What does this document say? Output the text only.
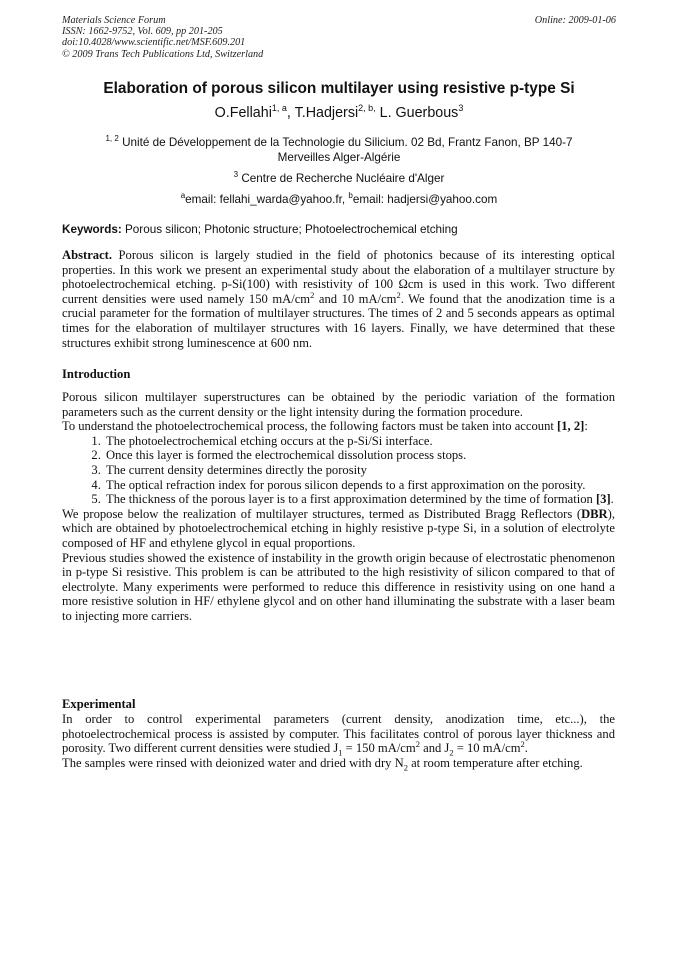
Materials Science Forum
ISSN: 1662-9752, Vol. 609, pp 201-205
doi:10.4028/www.scientific.net/MSF.609.201
© 2009 Trans Tech Publications Ltd, Switzerland
Online: 2009-01-06
Elaboration of porous silicon multilayer using resistive p-type Si
O.Fellahi$^{1, a}$, T.Hadjersi$^{2, b,}$ L. Guerbous$^3$
$^{1, 2}$ Unité de Développement de la Technologie du Silicium. 02 Bd, Frantz Fanon, BP 140-7 Merveilles Alger-Algérie
$^3$ Centre de Recherche Nucléaire d'Alger
$^a$email: fellahi_warda@yahoo.fr, $^b$email: hadjersi@yahoo.com
Keywords: Porous silicon; Photonic structure; Photoelectrochemical etching

Abstract. Porous silicon is largely studied in the field of photonics because of its interesting optical properties. In this work we present an experimental study about the elaboration of a multilayer structure by photoelectrochemical etching. p-Si(100) with resistivity of 100 Ωcm is used in this work. Two different current densities were used namely 150 $mA/cm^2$ and 10 $mA/cm^2$. We found that the anodization time is a crucial parameter for the formation of multilayer structures. The times of 2 and 5 seconds appears as optimal times for the elaboration of multilayer structures with 16 layers. Finally, we have determined that these structures exhibit strong luminescence at 600 nm.

Introduction

Porous silicon multilayer superstructures can be obtained by the periodic variation of the formation parameters such as the current density or the light intensity during the formation procedure.

To understand the photoelectrochemical process, the following factors must be taken into account [1, 2]:

1. The photoelectrochemical etching occurs at the p-Si/Si interface.
2. Once this layer is formed the electrochemical dissolution process stops.
3. The current density determines directly the porosity
4. The optical refraction index for porous silicon depends to a first approximation on the porosity.
5. The thickness of the porous layer is to a first approximation determined by the time of formation [3].

We propose below the realization of multilayer structures, termed as Distributed Bragg Reflectors (DBR), which are obtained by photoelectrochemical etching in highly resistive p-type Si, in a solution of electrolyte composed of HF and ethylene glycol in equal proportions.

Previous studies showed the existence of instability in the growth origin because of electrostatic phenomenon in p-type Si resistive. This problem is can be attributed to the high resistivity of silicon compared to that of electrolyte. Many experiments were performed to reduce this difference in resistivity using on one hand a more resistive solution in HF/ ethylene glycol and on other hand illuminating the substrate with a laser beam to injecting more carriers.

Experimental

In order to control experimental parameters (current density, anodization time, etc...), the photoelectrochemical process is assisted by computer. This facilitates control of porous layer thickness and porosity. Two different current densities were studied $J_1 = 150$ $mA/cm^2$ and $J_2 = 10$ $mA/cm^2$.

The samples were rinsed with deionized water and dried with dry $N_2$ at room temperature after etching.
